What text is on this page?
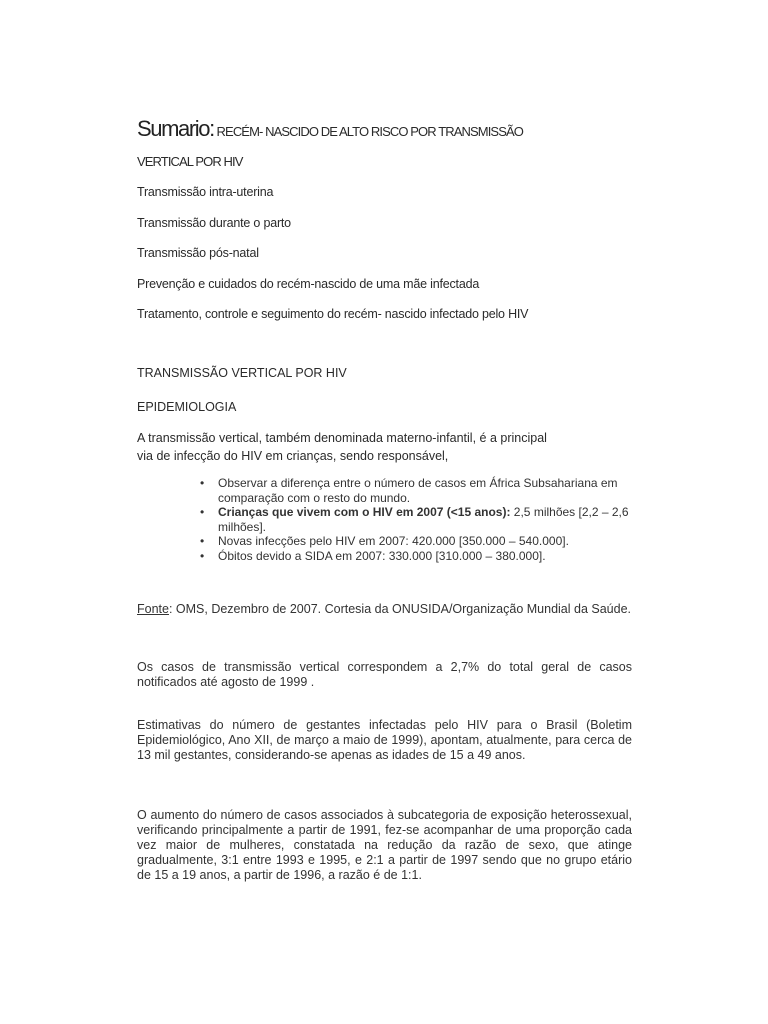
Sumario: RECÉM- NASCIDO DE ALTO RISCO POR TRANSMISSÃO
VERTICAL POR HIV
Transmissão intra-uterina
Transmissão durante o parto
Transmissão pós-natal
Prevenção e cuidados do recém-nascido de uma mãe infectada
Tratamento, controle e seguimento do recém- nascido infectado pelo HIV
TRANSMISSÃO VERTICAL POR HIV
EPIDEMIOLOGIA
A transmissão vertical, também denominada materno-infantil, é a principal
via de infecção do HIV em crianças, sendo responsável,
• Observar a diferença entre o número de casos em África Subsahariana em comparação com o resto do mundo.
• Crianças que vivem com o HIV em 2007 (<15 anos): 2,5 milhões [2,2 – 2,6 milhões].
• Novas infecções pelo HIV em 2007: 420.000 [350.000 – 540.000].
• Óbitos devido a SIDA em 2007: 330.000 [310.000 – 380.000].
Fonte: OMS, Dezembro de 2007. Cortesia da ONUSIDA/Organização Mundial da Saúde.
Os casos de transmissão vertical correspondem a 2,7% do total geral de casos notificados até agosto de 1999 .
Estimativas do número de gestantes infectadas pelo HIV para o Brasil (Boletim Epidemiológico, Ano XII, de março a maio de 1999), apontam, atualmente, para cerca de 13 mil gestantes, considerando-se apenas as idades de 15 a 49 anos.
O aumento do número de casos associados à subcategoria de exposição heterossexual, verificando principalmente a partir de 1991, fez-se acompanhar de uma proporção cada vez maior de mulheres, constatada na redução da razão de sexo, que atinge gradualmente, 3:1 entre 1993 e 1995, e 2:1 a partir de 1997 sendo que no grupo etário de 15 a 19 anos, a partir de 1996, a razão é de 1:1.
